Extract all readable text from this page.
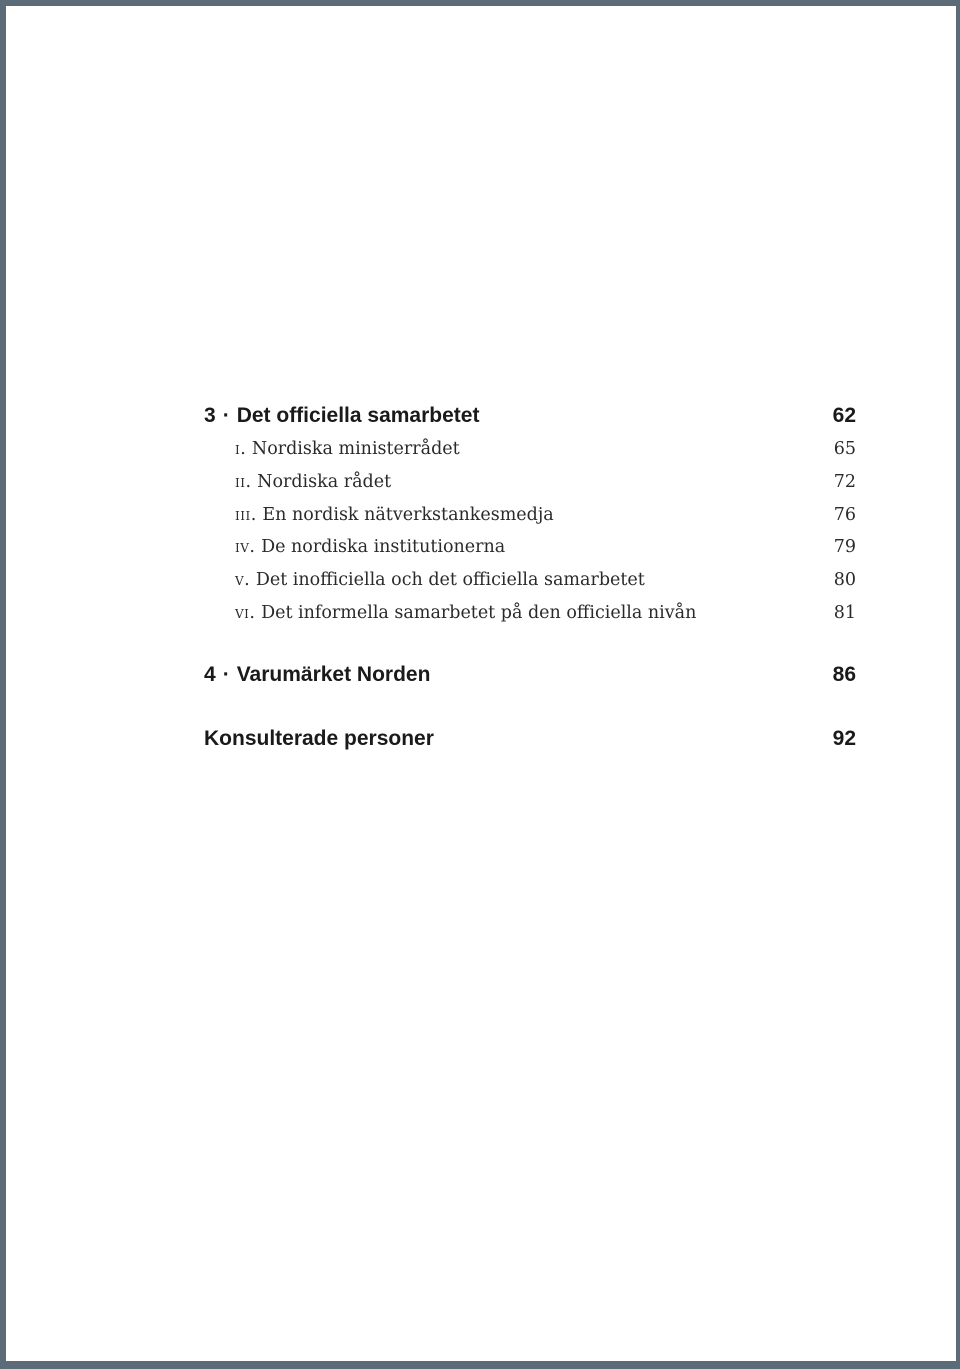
3 · Det officiella samarbetet	62
i. Nordiska ministerrådet	65
ii. Nordiska rådet	72
iii. En nordisk nätverkstankesmedja	76
iv. De nordiska institutionerna	79
v. Det inofficiella och det officiella samarbetet	80
vi. Det informella samarbetet på den officiella nivån	81
4 · Varumärket Norden	86
Konsulterade personer	92
